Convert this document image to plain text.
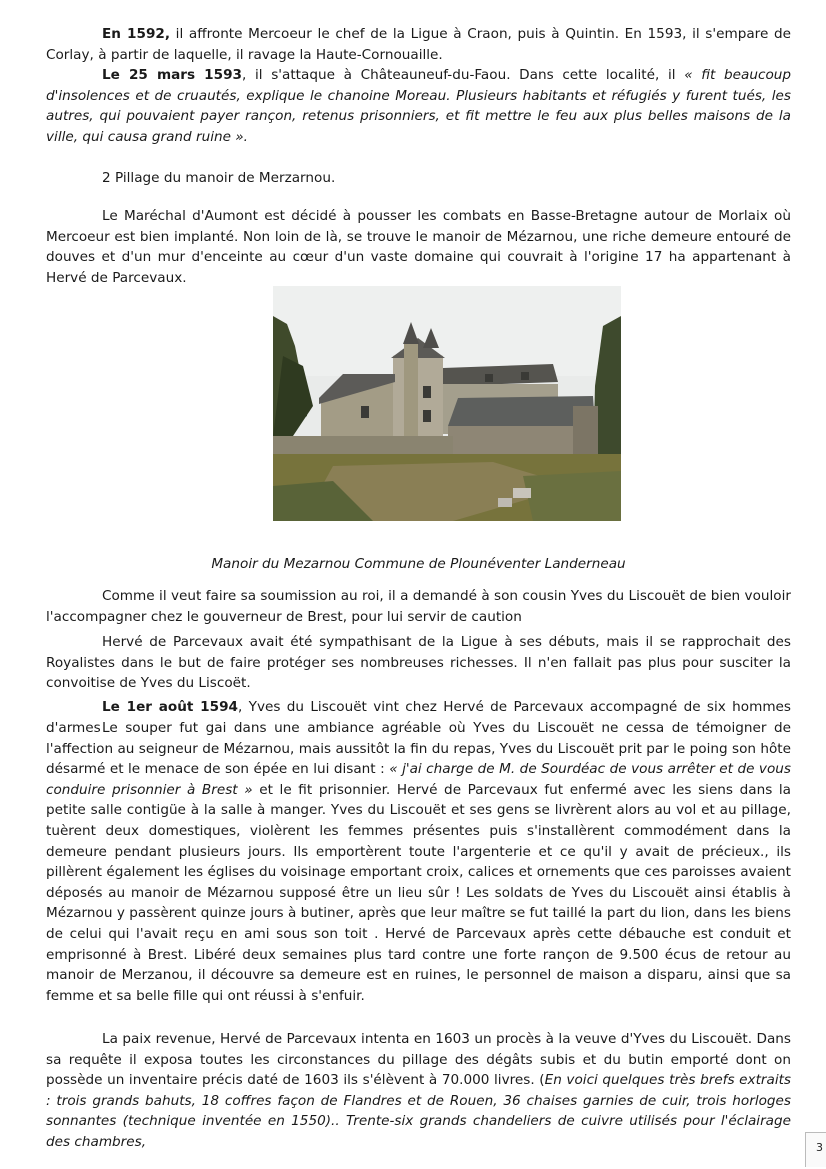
En 1592, il affronte Mercoeur le chef de la Ligue à Craon, puis à Quintin. En 1593, il s'empare de Corlay, à partir de laquelle, il ravage la Haute-Cornouaille.

Le 25 mars 1593, il s'attaque à Châteauneuf-du-Faou. Dans cette localité, il « fit beaucoup d'insolences et de cruautés, explique le chanoine Moreau. Plusieurs habitants et réfugiés y furent tués, les autres, qui pouvaient payer rançon, retenus prisonniers, et fit mettre le feu aux plus belles maisons de la ville, qui causa grand ruine ».

2 Pillage du manoir de Merzarnou.

Le Maréchal d'Aumont est décidé à pousser les combats en Basse-Bretagne autour de Morlaix où Mercoeur est bien implanté. Non loin de là, se trouve le manoir de Mézarnou, une riche demeure entouré de douves et d'un mur d'enceinte au cœur d'un vaste domaine qui couvrait à l'origine 17 ha appartenant à Hervé de Parcevaux.

Manoir du Mezarnou Commune de Plounéventer Landerneau

Comme il veut faire sa soumission au roi, il a demandé à son cousin Yves du Liscouët de bien vouloir l'accompagner chez le gouverneur de Brest, pour lui servir de caution

Hervé de Parcevaux avait été sympathisant de la Ligue à ses débuts, mais il se rapprochait des Royalistes dans le but de faire protéger ses nombreuses richesses. Il n'en fallait pas plus pour susciter la convoitise de Yves du Liscoët.

Le 1er août 1594, Yves du Liscouët vint chez Hervé de Parcevaux accompagné de six hommes d'armes Le souper fut gai dans une ambiance agréable où Yves du Liscouët ne cessa de témoigner de l'affection au seigneur de Mézarnou, mais aussitôt la fin du repas, Yves du Liscouët prit par le poing son hôte désarmé et le menace de son épée en lui disant : « j'ai charge de M. de Sourdéac de vous arrêter et de vous conduire prisonnier à Brest » et le fit prisonnier. Hervé de Parcevaux fut enfermé avec les siens dans la petite salle contigüe à la salle à manger. Yves du Liscouët et ses gens se livrèrent alors au vol et au pillage, tuèrent deux domestiques, violèrent les femmes présentes puis s'installèrent commodément dans la demeure pendant plusieurs jours. Ils emportèrent toute l'argenterie et ce qu'il y avait de précieux., ils pillèrent également les églises du voisinage emportant croix, calices et ornements que ces paroisses avaient déposés au manoir de Mézarnou supposé être un lieu sûr ! Les soldats de Yves du Liscouët ainsi établis à Mézarnou y passèrent quinze jours à butiner, après que leur maître se fut taillé la part du lion, dans les biens de celui qui l'avait reçu en ami sous son toit . Hervé de Parcevaux après cette débauche est conduit et emprisonné à Brest. Libéré deux semaines plus tard contre une forte rançon de 9.500 écus de retour au manoir de Merzanou, il découvre sa demeure est en ruines, le personnel de maison a disparu, ainsi que sa femme et sa belle fille qui ont réussi à s'enfuir.

La paix revenue, Hervé de Parcevaux intenta en 1603 un procès à la veuve d'Yves du Liscouët. Dans sa requête il exposa toutes les circonstances du pillage des dégâts subis et du butin emporté dont on possède un inventaire précis daté de 1603 ils s'élèvent à 70.000 livres. (En voici quelques très brefs extraits : trois grands bahuts, 18 coffres façon de Flandres et de Rouen, 36 chaises garnies de cuir, trois horloges sonnantes (technique inventée en 1550).. Trente-six grands chandeliers de cuivre utilisés pour l'éclairage des chambres,	3
